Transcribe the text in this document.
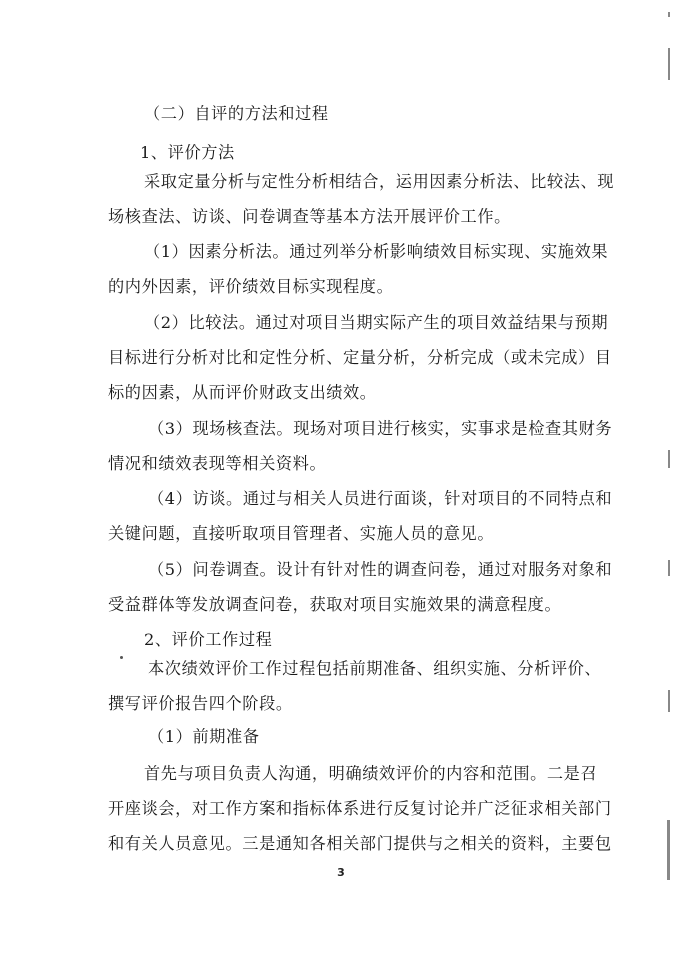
（二）自评的方法和过程

1、评价方法

采取定量分析与定性分析相结合，运用因素分析法、比较法、现

场核查法、访谈、问卷调查等基本方法开展评价工作。

（1）因素分析法。通过列举分析影响绩效目标实现、实施效果

的内外因素，评价绩效目标实现程度。

（2）比较法。通过对项目当期实际产生的项目效益结果与预期

目标进行分析对比和定性分析、定量分析，分析完成（或未完成）目

标的因素，从而评价财政支出绩效。

（3）现场核查法。现场对项目进行核实，实事求是检查其财务

情况和绩效表现等相关资料。

（4）访谈。通过与相关人员进行面谈，针对项目的不同特点和

关键问题，直接听取项目管理者、实施人员的意见。

（5）问卷调查。设计有针对性的调查问卷，通过对服务对象和

受益群体等发放调查问卷，获取对项目实施效果的满意程度。

2、评价工作过程

本次绩效评价工作过程包括前期准备、组织实施、分析评价、

撰写评价报告四个阶段。

（1）前期准备

首先与项目负责人沟通，明确绩效评价的内容和范围。二是召

开座谈会，对工作方案和指标体系进行反复讨论并广泛征求相关部门

和有关人员意见。三是通知各相关部门提供与之相关的资料，主要包

3
